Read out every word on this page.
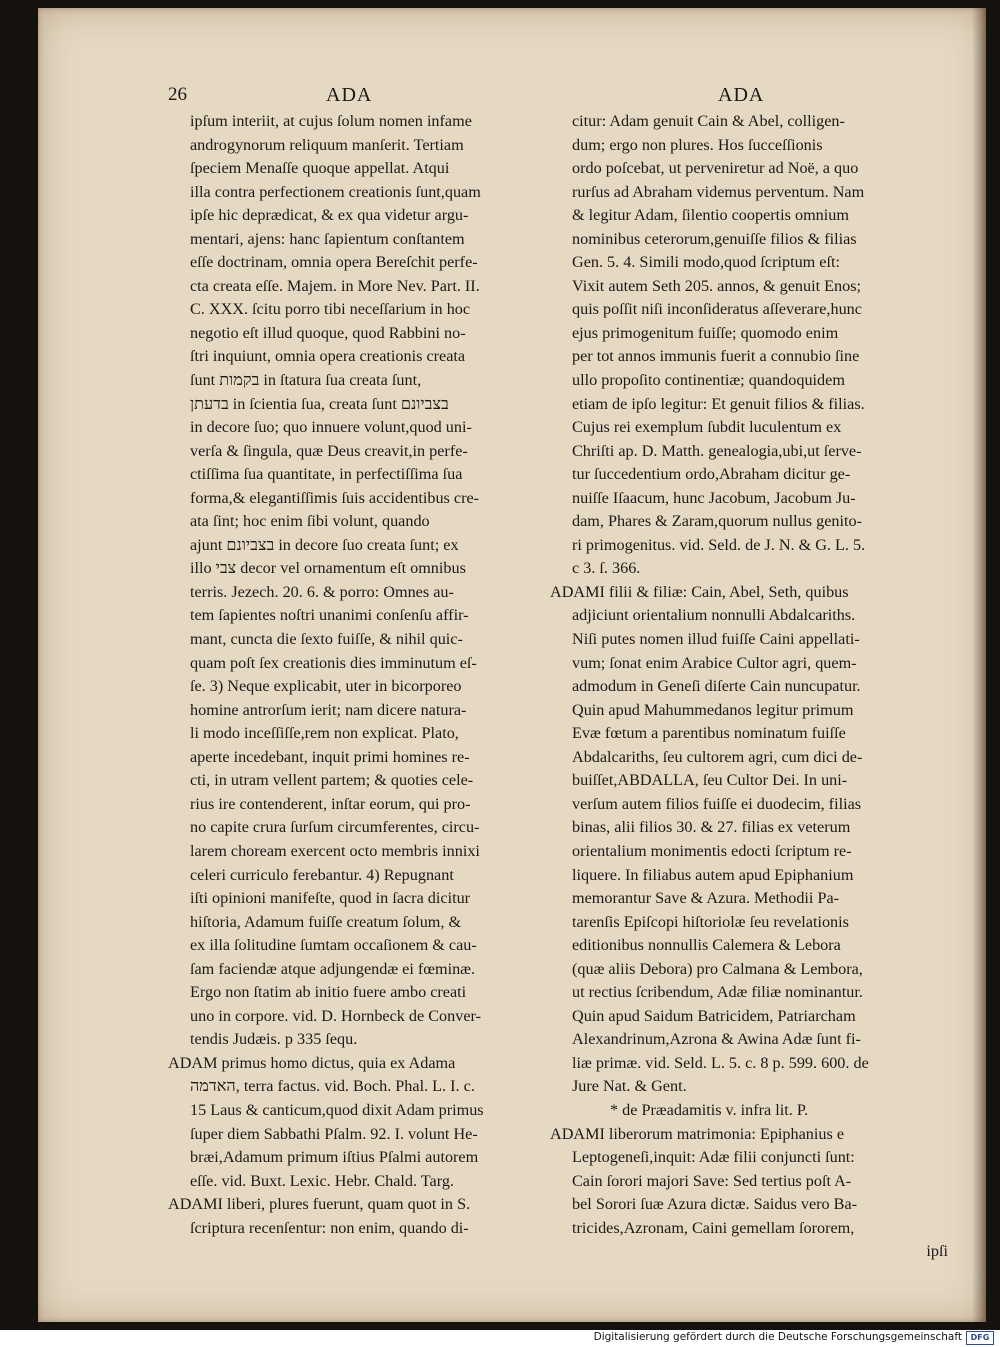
26	ADA	ADA
ipſum interiit, at cujus ſolum nomen infame
androgynorum reliquum manſerit. Tertiam
ſpeciem Menaſſe quoque appellat. Atqui
illa contra perfectionem creationis ſunt,quam
ipſe hic deprædicat, & ex qua videtur argu-
mentari, ajens: hanc ſapientum conſtantem
eſſe doctrinam, omnia opera Bereſchit perfe-
cta creata eſſe. Majem. in More Nev. Part. II.
C. XXX. ſcitu porro tibi neceſſarium in hoc
negotio eſt illud quoque, quod Rabbini no-
ſtri inquiunt, omnia opera creationis creata
ſunt בקמות in ſtatura ſua creata ſunt,
בדעתן in ſcientia ſua, creata ſunt בצביונם
in decore ſuo; quo innuere volunt,quod uni-
verſa & ſingula, quæ Deus creavit,in perfe-
ctiſſima ſua quantitate, in perfectiſſima ſua
forma,& elegantiſſimis ſuis accidentibus cre-
ata ſint; hoc enim ſibi volunt, quando
ajunt בצביונם in decore ſuo creata ſunt; ex
illo צבי decor vel ornamentum eſt omnibus
terris. Jezech. 20. 6. & porro: Omnes au-
tem ſapientes noſtri unanimi conſenſu affir-
mant, cuncta die ſexto fuiſſe, & nihil quic-
quam poſt ſex creationis dies imminutum eſ-
ſe. 3) Neque explicabit, uter in bicorporeo
homine antrorſum ierit; nam dicere natura-
li modo inceſſiſſe,rem non explicat. Plato,
aperte incedebant, inquit primi homines re-
cti, in utram vellent partem; & quoties cele-
rius ire contenderent, inſtar eorum, qui pro-
no capite crura ſurſum circumferentes, circu-
larem choream exercent octo membris innixi
celeri curriculo ferebantur. 4) Repugnant
iſti opinioni manifeſte, quod in ſacra dicitur
hiſtoria, Adamum fuiſſe creatum ſolum, &
ex illa ſolitudine ſumtam occaſionem & cau-
ſam faciendæ atque adjungendæ ei fœminæ.
Ergo non ſtatim ab initio fuere ambo creati
uno in corpore. vid. D. Hornbeck de Conver-
tendis Judæis. p 335 ſequ.
ADAM primus homo dictus, quia ex Adama
האדמה, terra factus. vid. Boch. Phal. L. I. c.
15 Laus & canticum,quod dixit Adam primus
ſuper diem Sabbathi Pſalm. 92. I. volunt He-
bræi,Adamum primum iſtius Pſalmi autorem
eſſe. vid. Buxt. Lexic. Hebr. Chald. Targ.
ADAMI liberi, plures fuerunt, quam quot in S.
ſcriptura recenſentur: non enim, quando di-
citur: Adam genuit Cain & Abel, colligen-
dum; ergo non plures. Hos ſucceſſionis
ordo poſcebat, ut perveniretur ad Noë, a quo
rurſus ad Abraham videmus perventum. Nam
& legitur Adam, ſilentio coopertis omnium
nominibus ceterorum,genuiſſe filios & filias
Gen. 5. 4. Simili modo,quod ſcriptum eſt:
Vixit autem Seth 205. annos, & genuit Enos;
quis poſſit niſi inconſideratus aſſeverare,hunc
ejus primogenitum fuiſſe; quomodo enim
per tot annos immunis fuerit a connubio ſine
ullo propoſito continentiæ; quandoquidem
etiam de ipſo legitur: Et genuit filios & filias.
Cujus rei exemplum ſubdit luculentum ex
Chriſti ap. D. Matth. genealogia,ubi,ut ſerve-
tur ſuccedentium ordo,Abraham dicitur ge-
nuiſſe Iſaacum, hunc Jacobum, Jacobum Ju-
dam, Phares & Zaram,quorum nullus genito-
ri primogenitus. vid. Seld. de J. N. & G. L. 5.
c 3. ſ. 366.
ADAMI filii & filiæ: Cain, Abel, Seth, quibus
adjiciunt orientalium nonnulli Abdalcariths.
Niſi putes nomen illud fuiſſe Caini appellati-
vum; ſonat enim Arabice Cultor agri, quem-
admodum in Geneſi diſerte Cain nuncupatur.
Quin apud Mahummedanos legitur primum
Evæ fœtum a parentibus nominatum fuiſſe
Abdalcariths, ſeu cultorem agri, cum dici de-
buiſſet,ABDALLA, ſeu Cultor Dei. In uni-
verſum autem filios fuiſſe ei duodecim, filias
binas, alii filios 30. & 27. filias ex veterum
orientalium monimentis edocti ſcriptum re-
liquere. In filiabus autem apud Epiphanium
memorantur Save & Azura. Methodii Pa-
tarenſis Epiſcopi hiſtoriolæ ſeu revelationis
editionibus nonnullis Calemera & Lebora
(quæ aliis Debora) pro Calmana & Lembora,
ut rectius ſcribendum, Adæ filiæ nominantur.
Quin apud Saidum Batricidem, Patriarcham
Alexandrinum,Azrona & Awina Adæ ſunt fi-
liæ primæ. vid. Seld. L. 5. c. 8 p. 599. 600. de
Jure Nat. & Gent.
* de Præadamitis v. infra lit. P.
ADAMI liberorum matrimonia: Epiphanius e
Leptogeneſi,inquit: Adæ filii conjuncti ſunt:
Cain ſorori majori Save: Sed tertius poſt A-
bel Sorori ſuæ Azura dictæ. Saidus vero Ba-
tricides,Azronam, Caini gemellam ſororem,
ipſi
Digitalisierung gefördert durch die Deutsche Forschungsgemeinschaft	DFG
